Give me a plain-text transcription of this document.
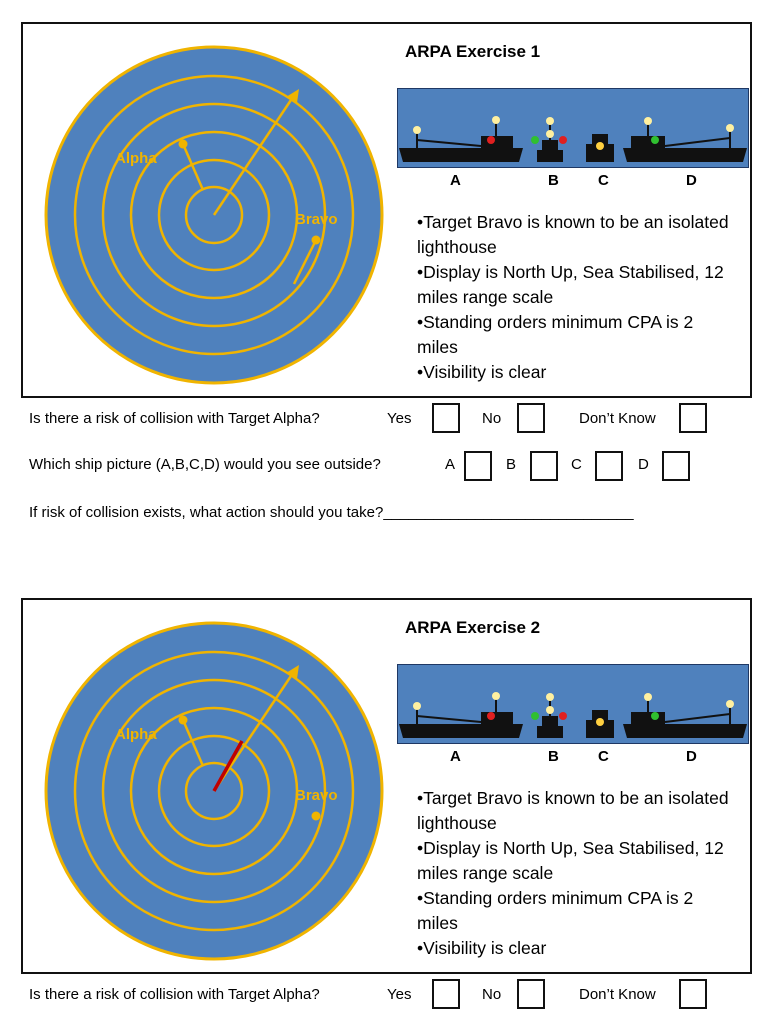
Alpha
Bravo
ARPA Exercise 1
A	B	C	D

•Target Bravo is known to be an isolated lighthouse

•Display is North Up, Sea Stabilised, 12 miles range scale

•Standing orders minimum CPA is 2 miles

•Visibility is clear

Is there a risk of collision with Target Alpha?	Yes	No	Don’t Know
Which ship picture (A,B,C,D) would you see outside?	A	B	C	D
If risk of collision exists, what action should you take?______________________________
Alpha
Bravo
ARPA Exercise 2
A	B	C	D

•Target Bravo is known to be an isolated lighthouse

•Display is North Up, Sea Stabilised, 12 miles range scale

•Standing orders minimum CPA is 2 miles

•Visibility is clear

Is there a risk of collision with Target Alpha?	Yes	No	Don’t Know
